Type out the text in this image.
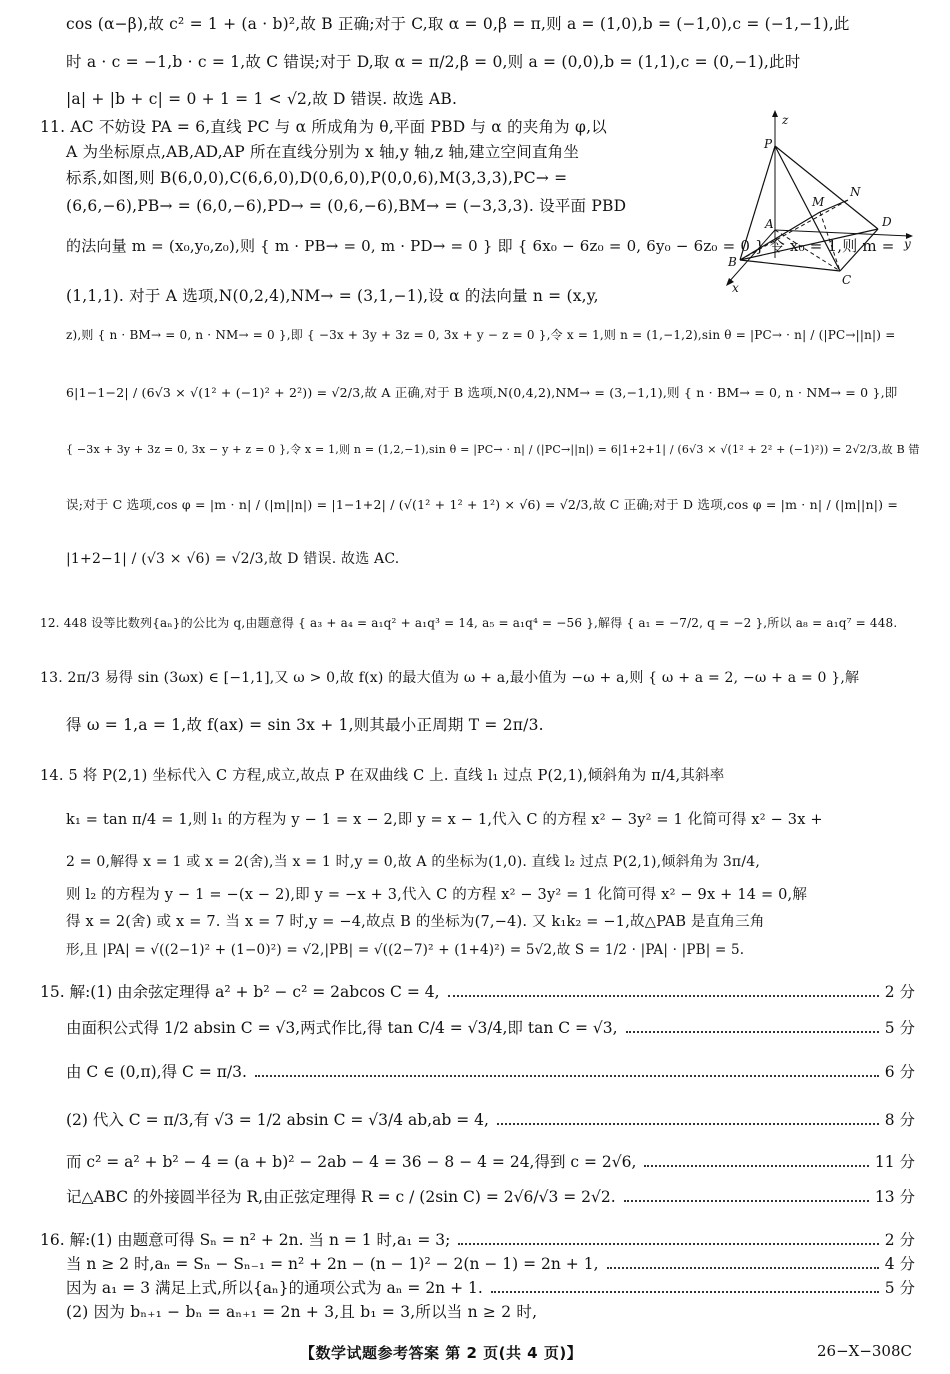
cos (α−β),故 c² = 1 + (a · b)²,故 B 正确;对于 C,取 α = 0,β = π,则 a = (1,0),b = (−1,0),c = (−1,−1),此
时 a · c = −1,b · c = 1,故 C 错误;对于 D,取 α = π/2,β = 0,则 a = (0,0),b = (1,1),c = (0,−1),此时
|a| + |b + c| = 0 + 1 = 1 < √2,故 D 错误. 故选 AB.
11. AC 不妨设 PA = 6,直线 PC 与 α 所成角为 θ,平面 PBD 与 α 的夹角为 φ,以
A 为坐标原点,AB,AD,AP 所在直线分别为 x 轴,y 轴,z 轴,建立空间直角坐
标系,如图,则 B(6,0,0),C(6,6,0),D(0,6,0),P(0,0,6),M(3,3,3),PC→ =
(6,6,−6),PB→ = (6,0,−6),PD→ = (0,6,−6),BM→ = (−3,3,3). 设平面 PBD
的法向量 m = (x₀,y₀,z₀),则 { m · PB→ = 0, m · PD→ = 0 } 即 { 6x₀ − 6z₀ = 0, 6y₀ − 6z₀ = 0 } 令 x₀ = 1,则 m =
(1,1,1). 对于 A 选项,N(0,2,4),NM→ = (3,1,−1),设 α 的法向量 n = (x,y,
z),则 { n · BM→ = 0, n · NM→ = 0 },即 { −3x + 3y + 3z = 0, 3x + y − z = 0 },令 x = 1,则 n = (1,−1,2),sin θ = |PC→ · n| / (|PC→||n|) =
6|1−1−2| / (6√3 × √(1² + (−1)² + 2²)) = √2/3,故 A 正确,对于 B 选项,N(0,4,2),NM→ = (3,−1,1),则 { n · BM→ = 0, n · NM→ = 0 },即
{ −3x + 3y + 3z = 0, 3x − y + z = 0 },令 x = 1,则 n = (1,2,−1),sin θ = |PC→ · n| / (|PC→||n|) = 6|1+2+1| / (6√3 × √(1² + 2² + (−1)²)) = 2√2/3,故 B 错
误;对于 C 选项,cos φ = |m · n| / (|m||n|) = |1−1+2| / (√(1² + 1² + 1²) × √6) = √2/3,故 C 正确;对于 D 选项,cos φ = |m · n| / (|m||n|) =
|1+2−1| / (√3 × √6) = √2/3,故 D 错误. 故选 AC.
12. 448 设等比数列{aₙ}的公比为 q,由题意得 { a₃ + a₄ = a₁q² + a₁q³ = 14, a₅ = a₁q⁴ = −56 },解得 { a₁ = −7/2, q = −2 },所以 a₈ = a₁q⁷ = 448.
13. 2π/3 易得 sin (3ωx) ∈ [−1,1],又 ω > 0,故 f(x) 的最大值为 ω + a,最小值为 −ω + a,则 { ω + a = 2, −ω + a = 0 },解
得 ω = 1,a = 1,故 f(ax) = sin 3x + 1,则其最小正周期 T = 2π/3.
14. 5 将 P(2,1) 坐标代入 C 方程,成立,故点 P 在双曲线 C 上. 直线 l₁ 过点 P(2,1),倾斜角为 π/4,其斜率
k₁ = tan π/4 = 1,则 l₁ 的方程为 y − 1 = x − 2,即 y = x − 1,代入 C 的方程 x² − 3y² = 1 化简可得 x² − 3x +
2 = 0,解得 x = 1 或 x = 2(舍),当 x = 1 时,y = 0,故 A 的坐标为(1,0). 直线 l₂ 过点 P(2,1),倾斜角为 3π/4,
则 l₂ 的方程为 y − 1 = −(x − 2),即 y = −x + 3,代入 C 的方程 x² − 3y² = 1 化简可得 x² − 9x + 14 = 0,解
得 x = 2(舍) 或 x = 7. 当 x = 7 时,y = −4,故点 B 的坐标为(7,−4). 又 k₁k₂ = −1,故△PAB 是直角三角
形,且 |PA| = √((2−1)² + (1−0)²) = √2,|PB| = √((2−7)² + (1+4)²) = 5√2,故 S = 1/2 · |PA| · |PB| = 5.
15. 解:(1) 由余弦定理得 a² + b² − c² = 2abcos C = 4,	2 分
由面积公式得 1/2 absin C = √3,两式作比,得 tan C/4 = √3/4,即 tan C = √3,	5 分
由 C ∈ (0,π),得 C = π/3.	6 分
(2) 代入 C = π/3,有 √3 = 1/2 absin C = √3/4 ab,ab = 4,	8 分
而 c² = a² + b² − 4 = (a + b)² − 2ab − 4 = 36 − 8 − 4 = 24,得到 c = 2√6,	11 分
记△ABC 的外接圆半径为 R,由正弦定理得 R = c / (2sin C) = 2√6/√3 = 2√2.	13 分
16. 解:(1) 由题意可得 Sₙ = n² + 2n. 当 n = 1 时,a₁ = 3;	2 分
当 n ≥ 2 时,aₙ = Sₙ − Sₙ₋₁ = n² + 2n − (n − 1)² − 2(n − 1) = 2n + 1,	4 分
因为 a₁ = 3 满足上式,所以{aₙ}的通项公式为 aₙ = 2n + 1.	5 分
(2) 因为 bₙ₊₁ − bₙ = aₙ₊₁ = 2n + 3,且 b₁ = 3,所以当 n ≥ 2 时,
z
P
M
N
A	D
y
B
C
x
【数学试题参考答案 第 2 页(共 4 页)】	26−X−308C
